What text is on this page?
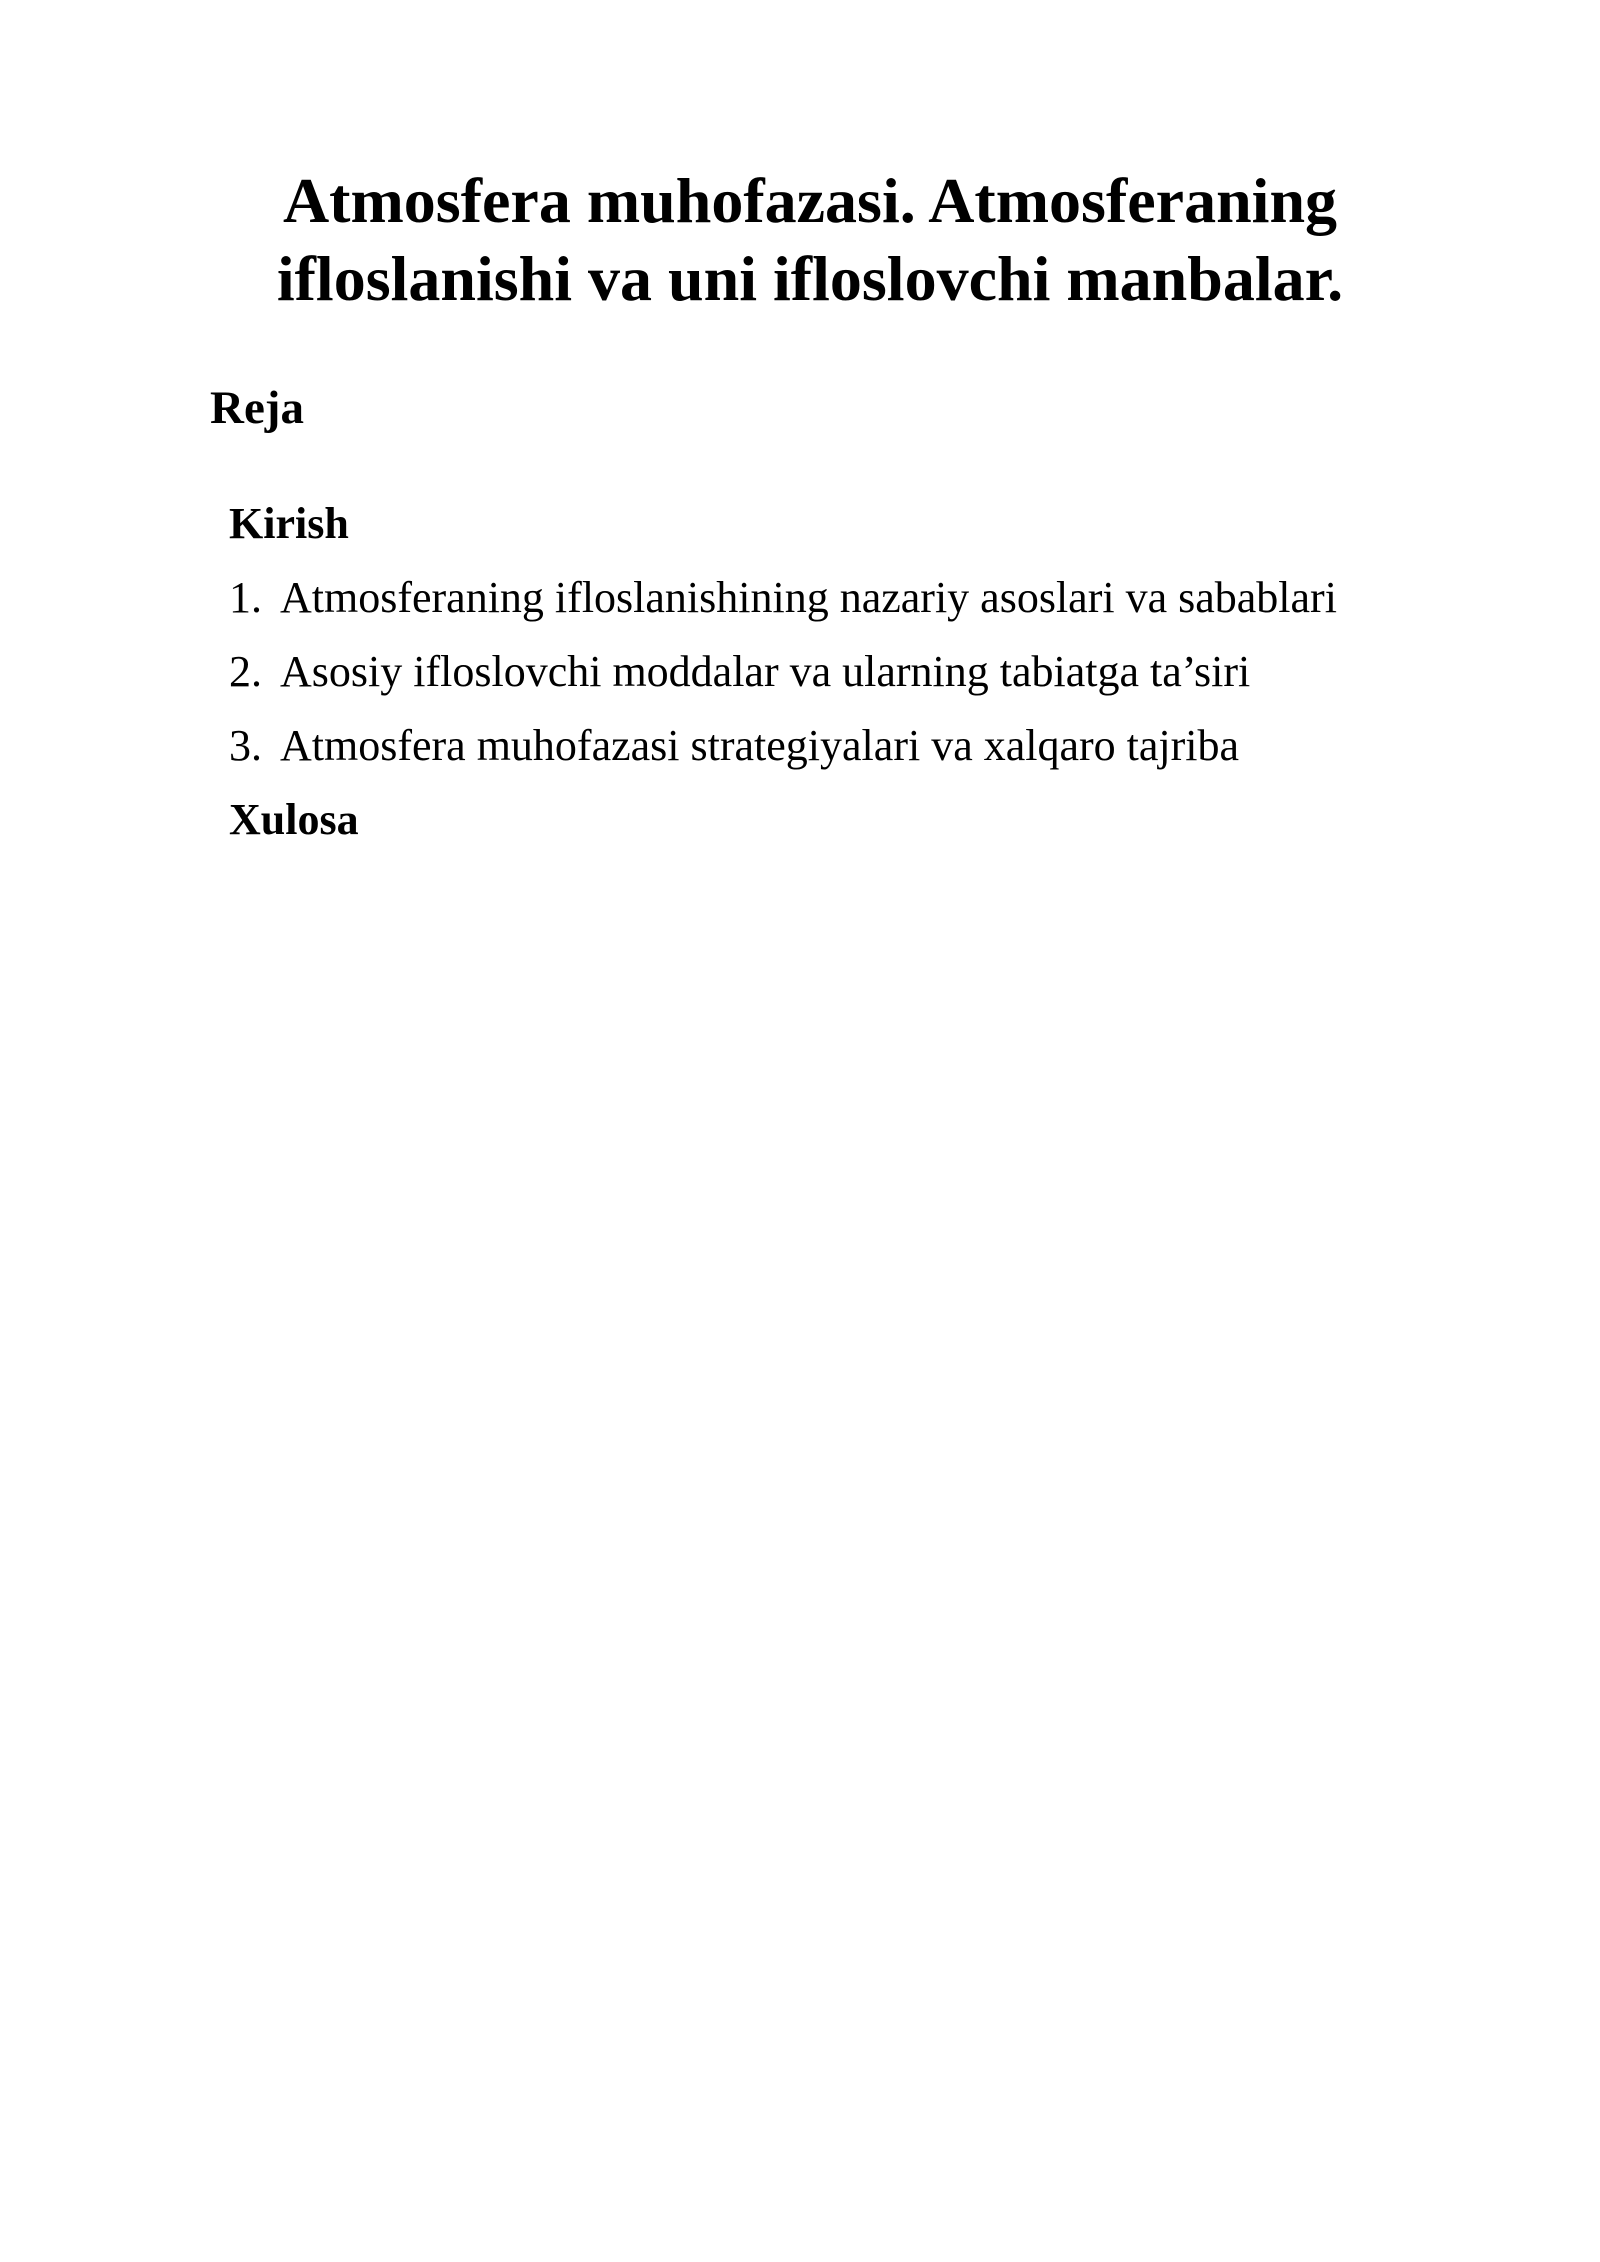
Atmosfera muhofazasi. Atmosferaning
ifloslanishi va uni ifloslovchi manbalar.
Reja
Kirish
1. Atmosferaning ifloslanishining nazariy asoslari va sabablari
2. Asosiy ifloslovchi moddalar va ularning tabiatga ta’siri
3. Atmosfera muhofazasi strategiyalari va xalqaro tajriba
Xulosa
